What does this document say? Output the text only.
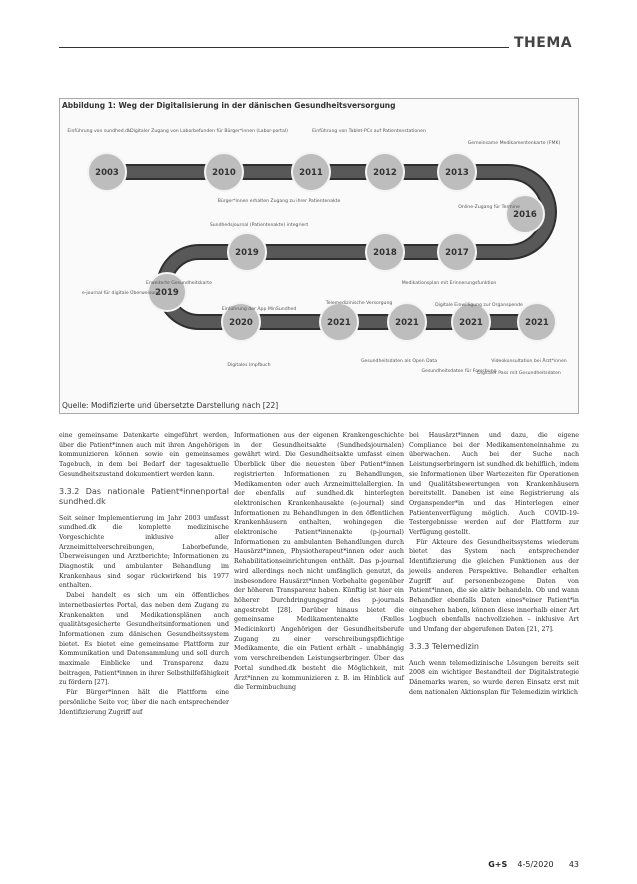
THEMA
Abbildung 1: Weg der Digitalisierung in der dänischen Gesundheitsversorgung
2003	2010	2011	2012	2013
2016
2017
2018
2019
2019
2020	2021	2021	2021	2021
Einführung von sundhed.dk Digitaler Zugang von Laborbefunden für Bürger*innen (Labor-portal)	Einführung von Tablet-PCs auf Patientenstationen
Gemeinsame Medikamentenkarte (FMK)
Bürger*innen erhalten Zugang zu ihrer Patientenakte
Sundhedsjournal (Patientenakte) integriert
Online-Zugang für Termine
Erweiterte Gesundheitskarte
e-journal für digitale Überweisung
Einführung der App MinSundhed
Medikationsplan mit Erinnerungsfunktion
Gesundheitsdaten als Open Data	Videokonsultation bei Ärzt*innen
Digitale Einwilligung zur Organspende
Telemedizinische Versorgung
Gesundheitsdaten für Forschung
Digitales Impfbuch
Digitaler Pass mit Gesundheitsdaten
Quelle: Modifizierte und übersetzte Darstellung nach [22]

eine gemeinsame Datenkarte eingeführt werden, über die Patient*innen auch mit ihren Angehörigen kommunizieren können sowie ein gemeinsames Tagebuch, in dem bei Bedarf der tagesaktuelle Gesundheitszustand dokumentiert werden kann.

3.3.2 Das nationale Patient*innenportal sundhed.dk

Seit seiner Implementierung im Jahr 2003 umfasst sundhed.dk die komplette medizinische Vorgeschichte inklusive aller Arzneimittelverschreibungen, Laborbefunde, Überweisungen und Arztberichte; Informationen zu Diagnostik und ambulanter Behandlung im Krankenhaus sind sogar rückwirkend bis 1977 enthalten.

Dabei handelt es sich um ein öffentliches internetbasiertes Portal, das neben dem Zugang zu Krankenakten und Medikationsplänen auch qualitätsgesicherte Gesundheitsinformationen und Informationen zum dänischen Gesundheitssystem bietet. Es bietet eine gemeinsame Plattform zur Kommunikation und Datensammlung und soll durch maximale Einblicke und Transparenz dazu beitragen, Patient*innen in ihrer Selbsthilfefähigkeit zu fördern [27].

Für Bürger*innen hält die Plattform eine persönliche Seite vor, über die nach entsprechender Identifizierung Zugriff auf

Informationen aus der eigenen Krankengeschichte in der Gesundheitsakte (Sundhedsjournalen) gewährt wird. Die Gesundheitsakte umfasst einen Überblick über die neuesten über Patient*innen registrierten Informationen zu Behandlungen, Medikamenten oder auch Arzneimittelallergien. In der ebenfalls auf sundhed.dk hinterlegten elektronischen Krankenhausakte (e-journal) sind Informationen zu Behandlungen in den öffentlichen Krankenhäusern enthalten, wohingegen die elektronische Patient*innenakte (p-journal) Informationen zu ambulanten Behandlungen durch Hausärzt*innen, Physiotherapeut*innen oder auch Rehabilitationseinrichtungen enthält. Das p-journal wird allerdings noch nicht umfänglich genutzt, da insbesondere Hausärzt*innen Vorbehalte gegenüber der höheren Transparenz haben. Künftig ist hier ein höherer Durchdringungsgrad des p-journals angestrebt [28]. Darüber hinaus bietet die gemeinsame Medikamentenakte (Fælles Medicinkort) Angehörigen der Gesundheitsberufe Zugang zu einer verschreibungspflichtige Medikamente, die ein Patient erhält – unabhängig vom verschreibenden Leistungserbringer. Über das Portal sundhed.dk besteht die Möglichkeit, mit Ärzt*innen zu kommunizieren z. B. im Hinblick auf die Terminbuchung

bei Hausärzt*innen und dazu, die eigene Compliance bei der Medikamenteneinnahme zu überwachen. Auch bei der Suche nach Leistungserbringern ist sundhed.dk behilflich, indem sie Informationen über Wartezeiten für Operationen und Qualitätsbewertungen von Krankenhäusern bereitstellt. Daneben ist eine Registrierung als Organspender*in und das Hinterlegen einer Patientenverfügung möglich. Auch COVID-19-Testergebnisse werden auf der Plattform zur Verfügung gestellt.

Für Akteure des Gesundheitssystems wiederum bietet das System nach entsprechender Identifizierung die gleichen Funktionen aus der jeweils anderen Perspektive. Behandler erhalten Zugriff auf personenbezogene Daten von Patient*innen, die sie aktiv behandeln. Ob und wann Behandler ebenfalls Daten eines*einer Patient*in eingesehen haben, können diese innerhalb einer Art Logbuch ebenfalls nachvollziehen – inklusive Art und Umfang der abgerufenen Daten [21, 27].

3.3.3 Telemedizin

Auch wenn telemedizinische Lösungen bereits seit 2008 ein wichtiger Bestandteil der Digitalstrategie Dänemarks waren, so wurde deren Einsatz erst mit dem nationalen Aktionsplan für Telemedizin wirklich

G+S 4-5/2020 43
